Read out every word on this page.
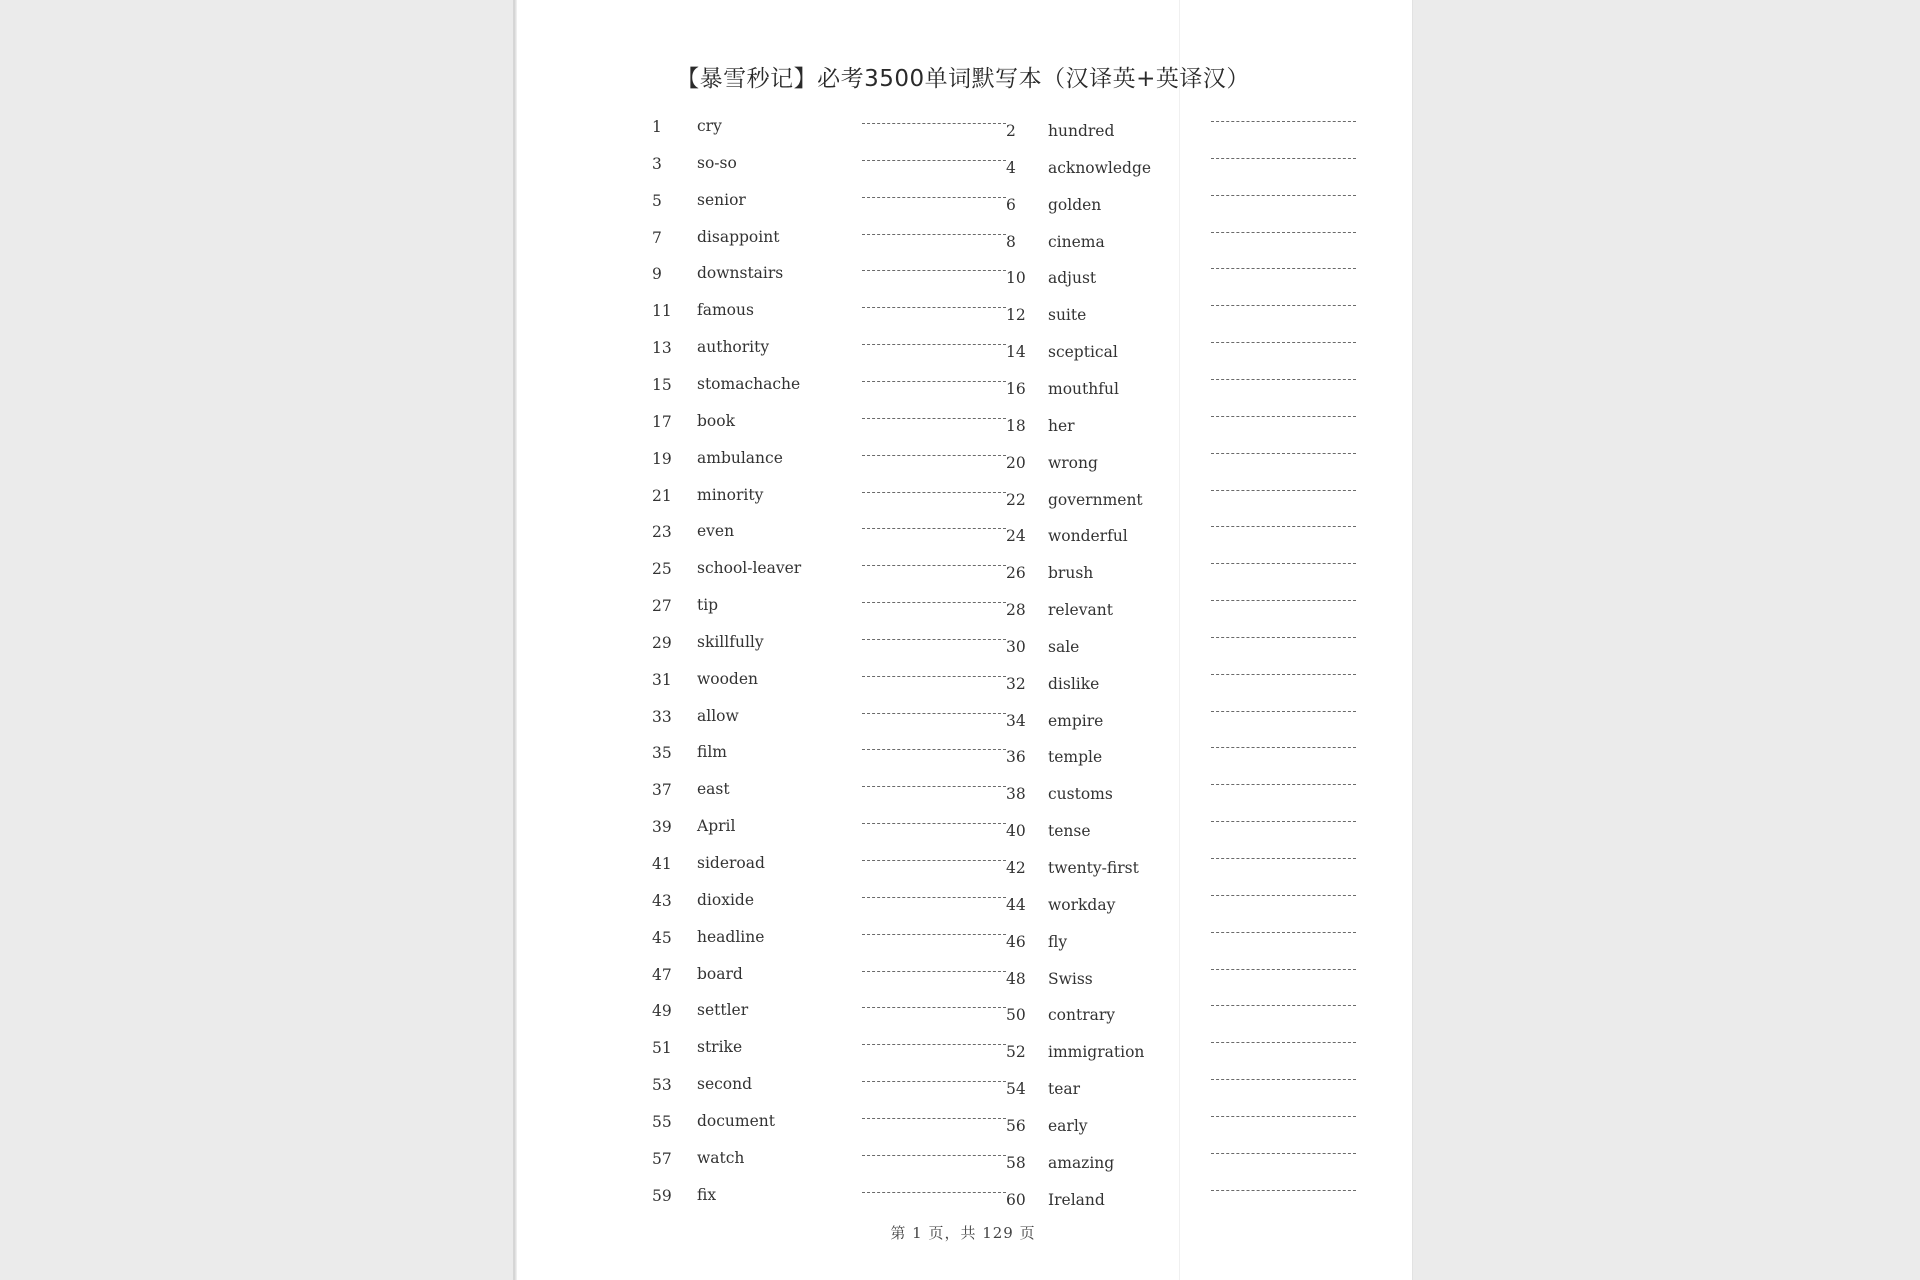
【暴雪秒记】必考3500单词默写本（汉译英+英译汉）
1	cry	2 hundred
3	so-so	4 acknowledge
5	senior	6 golden
7	disappoint	8 cinema
9	downstairs	10 adjust
11	famous	12 suite
13	authority	14 sceptical
15	stomachache	16 mouthful
17	book	18 her
19	ambulance	20 wrong
21	minority	22 government
23	even	24 wonderful
25	school-leaver	26 brush
27	tip	28 relevant
29	skillfully	30 sale
31	wooden	32 dislike
33	allow	34 empire
35	film	36 temple
37	east	38 customs
39	April	40 tense
41	sideroad	42 twenty-first
43	dioxide	44 workday
45	headline	46 fly
47	board	48 Swiss
49	settler	50 contrary
51	strike	52 immigration
53	second	54 tear
55	document	56 early
57	watch	58 amazing
59	fix	60 Ireland
第 1 页，共 129 页
